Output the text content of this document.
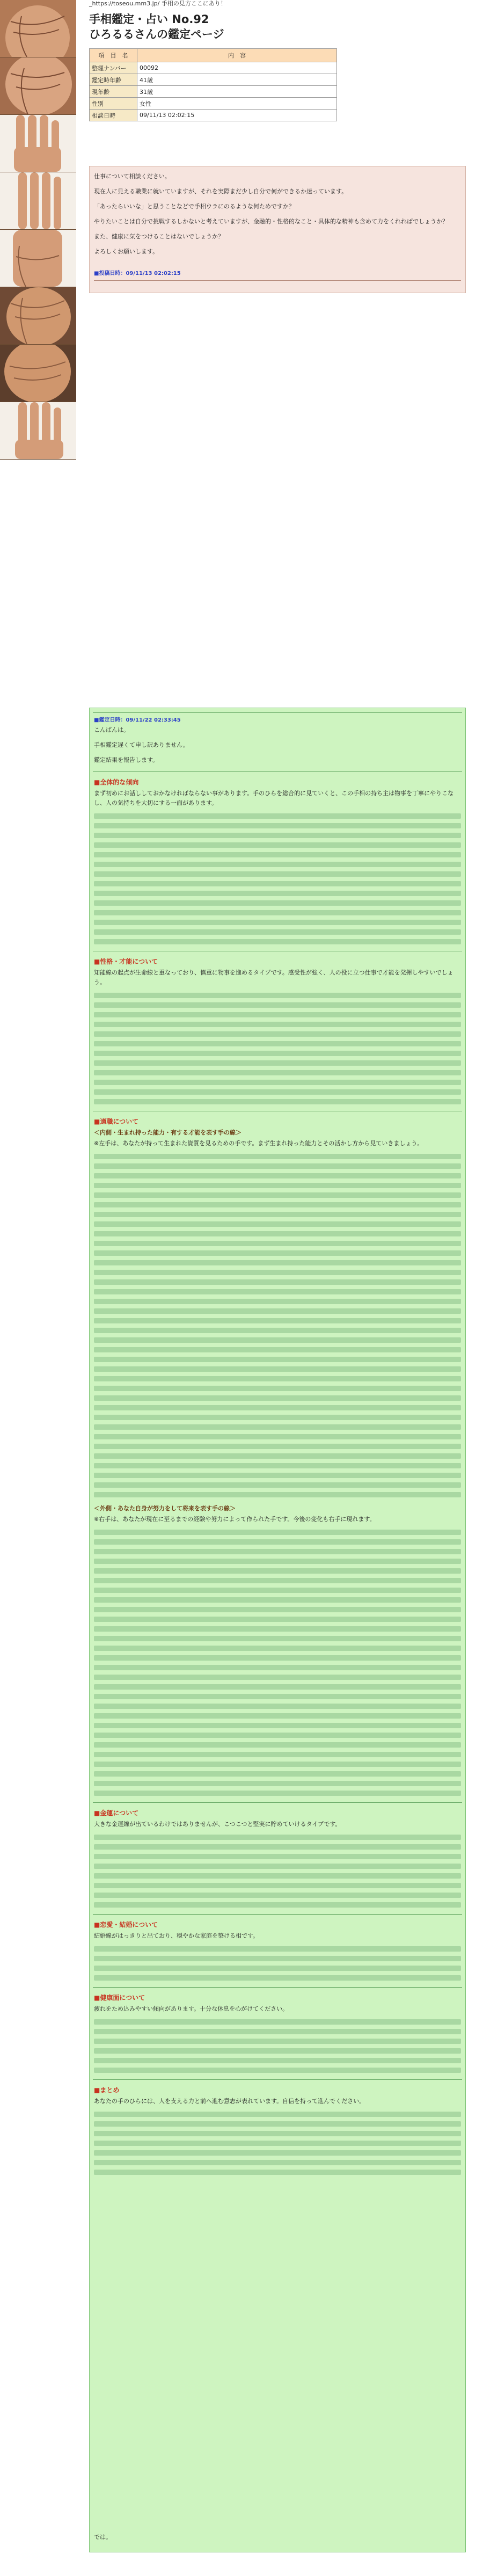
_https://toseou.mm3.jp/ 手相の見方ここにあり！
手相鑑定・占い No.92
ひろるるさんの鑑定ページ
項　目　名	内　容
整理ナンバー	00092
鑑定時年齢	41歳
現年齢	31歳
性別	女性
相談日時	09/11/13 02:02:15

仕事について相談ください。

現在人に見える職業に就いていますが、それを実際まだ少し自分で何ができるか迷っています。

「あったらいいな」と思うことなどで手相ウラにのるような何ためですか？

やりたいことは自分で挑戦するしかないと考えていますが、金融的・性格的なこと・具体的な精神も含めて力をくれればでしょうか？

また、健康に気をつけることはないでしょうか？

よろしくお願いします。

■投稿日時：09/11/13 02:02:15
■鑑定日時：09/11/22 02:33:45

こんばんは。

手相鑑定遅くて申し訳ありません。

鑑定結果を報告します。

■全体的な傾向

まず初めにお話ししておかなければならない事があります。手のひらを総合的に見ていくと、この手相の持ち主は物事を丁寧にやりこなし、人の気持ちを大切にする一面があります。

■性格・才能について

知能線の起点が生命線と重なっており、慎重に物事を進めるタイプです。感受性が強く、人の役に立つ仕事で才能を発揮しやすいでしょう。

■適職について
＜内側・生まれ持った能力・有する才能を表す手の線＞

※左手は、あなたが持って生まれた資質を見るための手です。まず生まれ持った能力とその活かし方から見ていきましょう。

＜外側・あなた自身が努力をして将来を表す手の線＞

※右手は、あなたが現在に至るまでの経験や努力によって作られた手です。今後の変化も右手に現れます。

■金運について

大きな金運線が出ているわけではありませんが、こつこつと堅実に貯めていけるタイプです。

■恋愛・結婚について

結婚線がはっきりと出ており、穏やかな家庭を築ける相です。

■健康面について

疲れをため込みやすい傾向があります。十分な休息を心がけてください。

■まとめ

あなたの手のひらには、人を支える力と前へ進む意志が表れています。自信を持って進んでください。

では。
